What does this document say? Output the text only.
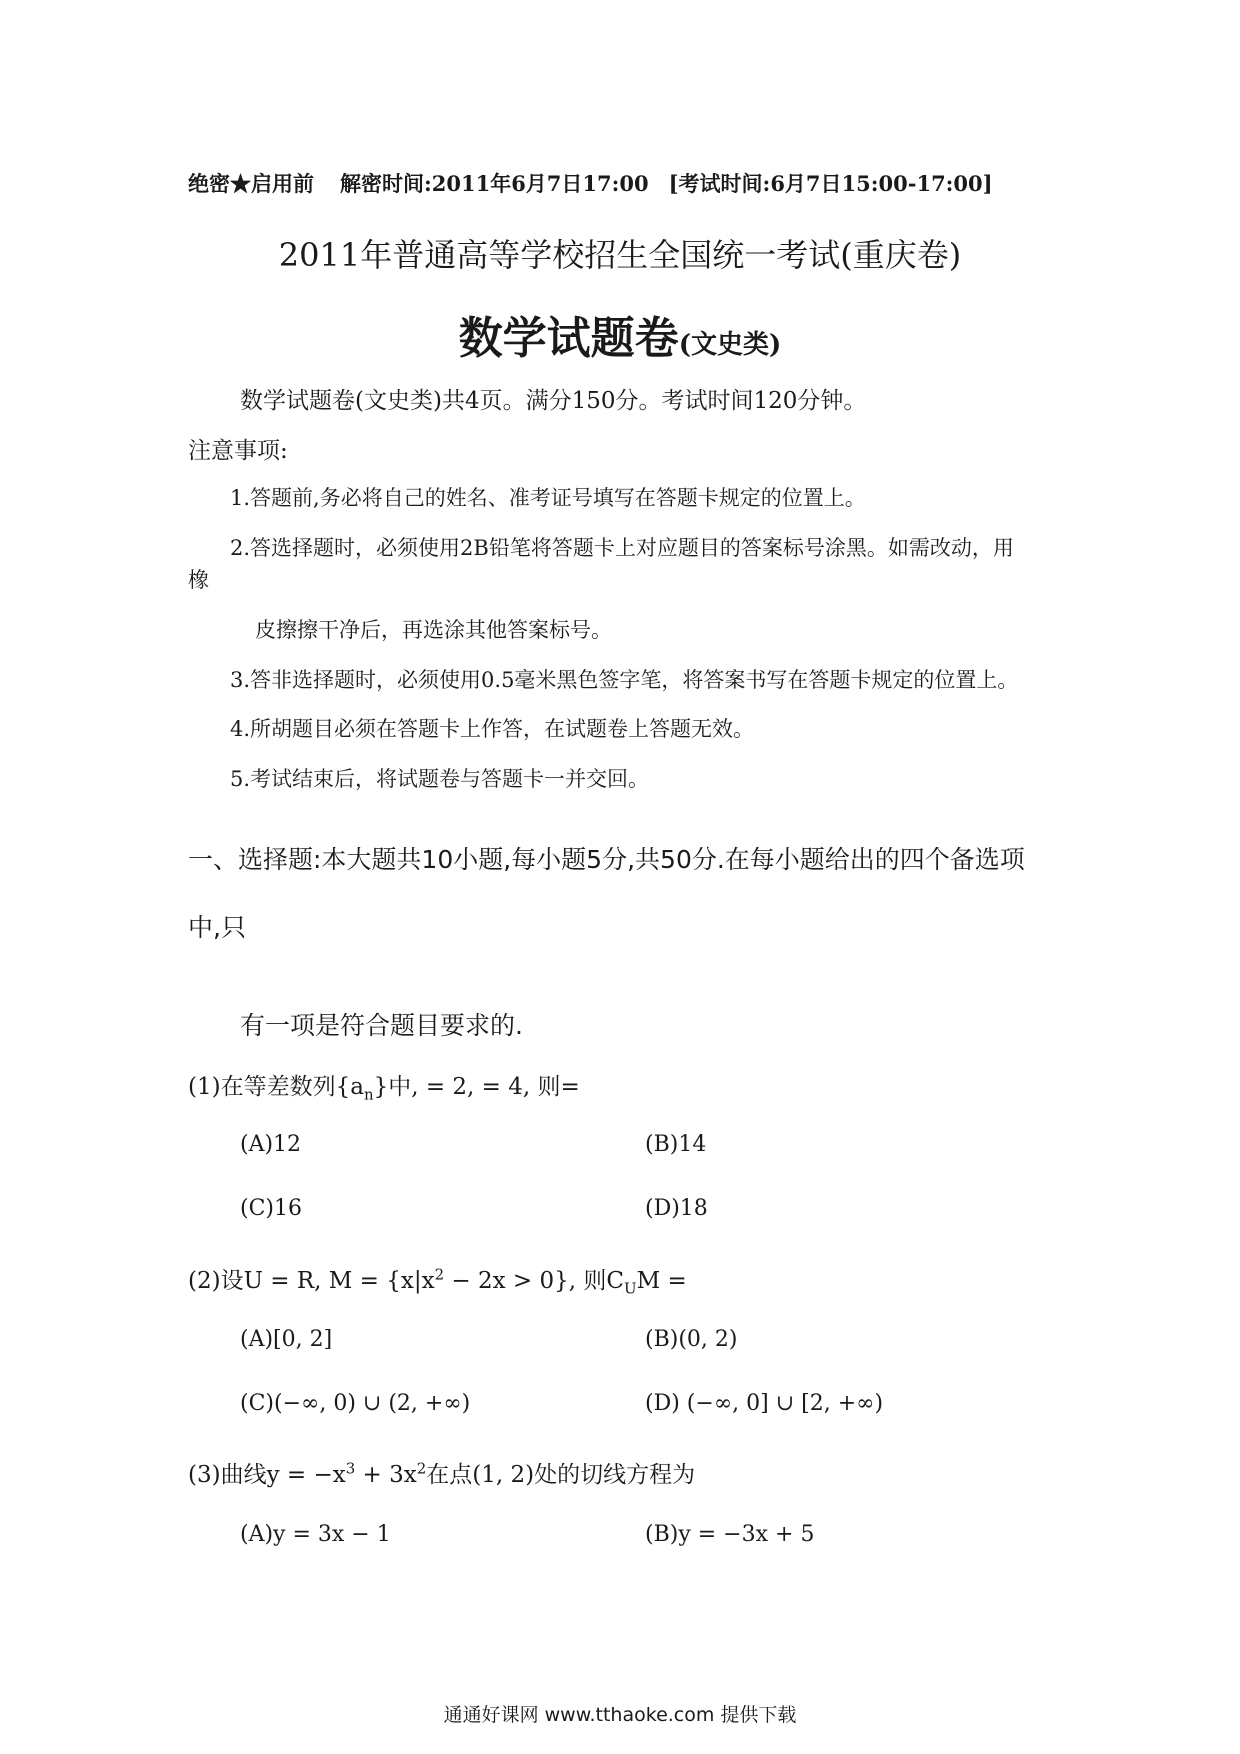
绝密★启用前 解密时间:2011年6月7日17:00 [考试时间:6月7日15:00-17:00]
2011年普通高等学校招生全国统一考试(重庆卷)
数学试题卷(文史类)
数学试题卷(文史类)共4页。满分150分。考试时间120分钟。
注意事项:
1.答题前,务必将自己的姓名、准考证号填写在答题卡规定的位置上。
2.答选择题时，必须使用2B铅笔将答题卡上对应题目的答案标号涂黑。如需改动，用
橡
皮擦擦干净后，再选涂其他答案标号。
3.答非选择题时，必须使用0.5毫米黑色签字笔，将答案书写在答题卡规定的位置上。
4.所胡题目必须在答题卡上作答，在试题卷上答题无效。
5.考试结束后，将试题卷与答题卡一并交回。
一、选择题:本大题共10小题,每小题5分,共50分.在每小题给出的四个备选项
中,只
有一项是符合题目要求的.
(1)在等差数列$\{a_n\}$中, = 2, = 4, 则=
(A)12	(B)14
(C)16	(D)18
(2)设U = R, $M = \{x|x^2 - 2x > 0\}$, 则$C_UM$ =
(A)[0, 2]	(B)(0, 2)
(C)(−∞, 0) ∪ (2, +∞)	(D) (−∞, 0] ∪ [2, +∞)
(3)曲线$y = -x^3 + 3x^2$在点(1, 2)处的切线方程为
(A)y = 3x − 1	(B)y = −3x + 5
通通好课网 www.tthaoke.com 提供下载
